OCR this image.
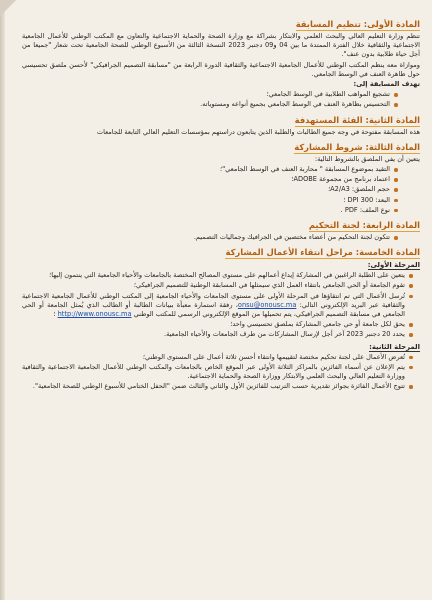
المادة الأولى: تنظيم المسابقة

تنظم وزارة التعليم العالي والبحث العلمي والابتكار بشراكة مع وزارة الصحة والحماية الاجتماعية والتعاون مع المكتب الوطني للأعمال الجامعية الاجتماعية والثقافية خلال الفترة الممتدة ما بين 04 و09 دجنبر 2023 النسخة الثالثة من الأسبوع الوطني للصحة الجامعية تحت شعار "جميعا من أجل حياة طلابية بدون عنف".

وموازاة معه ينظم المكتب الوطني للأعمال الجامعية الاجتماعية والثقافية الدورة الرابعة من "مسابقة التصميم الجرافيكي" لأحسن ملصق تحسيسي حول ظاهرة العنف في الوسط الجامعي.

تهدف المسابقة إلى:

تشجيع المواهب الطلابية في الوسط الجامعي؛
التحسيس بظاهرة العنف في الوسط الجامعي بجميع أنواعه ومستوياته.
المادة الثانية: الفئة المستهدفة

هذه المسابقة مفتوحة في وجه جميع الطالبات والطلبة الذين يتابعون دراستهم بمؤسسات التعليم العالي التابعة للجامعات

المادة الثالثة: شروط المشاركة

يتعين أن يفي الملصق بالشروط التالية:

التقيد بموضوع المسابقة " محاربة العنف في الوسط الجامعي"؛
اعتماد برنامج من مجموعة ADOBE؛
حجم الملصق: A2/A3؛
البعد: 300 DPI ؛
نوع الملف: PDF .
المادة الرابعة: لجنة التحكيم
تتكون لجنة التحكيم من أعضاء مختصين في الجرافيك وجماليات التصميم.
المادة الخامسة: مراحل انتقاء الأعمال المشاركة
المرحلة الأولى:
يتعين على الطلبة الراغبين في المشاركة إيداع أعمالهم على مستوى المصالح المختصة بالجامعات والأحياء الجامعية التي ينتمون إليها؛
تقوم الجامعة أو الحي الجامعي بانتقاء العمل الذي سيمثلها في المسابقة الوطنية للتصميم الجرافيكي؛
تُرسل الأعمال التي تم انتقاؤها في المرحلة الأولى على مستوى الجامعات والأحياء الجامعية إلى المكتب الوطني للأعمال الجامعية الاجتماعية والثقافية عبر البريد الإلكتروني التالي: onsu@onousc.ma، رفقة استمارة معبأة ببيانات الطالبة أو الطالب الذي يُمثل الجامعة أو الحي الجامعي في مسابقة التصميم الجرافيكي، يتم تحميلها من الموقع الإلكتروني الرسمي للمكتب الوطني http://www.onousc.ma ؛
يحق لكل جامعة أو حي جامعي المشاركة بملصق تحسيسي واحد؛
يحدد 20 دجنبر 2023 آخر أجل لإرسال المشاركات من طرف الجامعات والأحياء الجامعية.
المرحلة الثانية:
تُعرض الأعمال على لجنة تحكيم مختصة لتقييمها وانتقاء أحسن ثلاثة أعمال على المستوى الوطني؛
يتم الإعلان عن أسماء الفائزين بالمراكز الثلاثة الأولى عبر الموقع الخاص بالجامعات والمكتب الوطني للأعمال الجامعية الاجتماعية والثقافية ووزارة التعليم العالي والبحث العلمي والابتكار ووزارة الصحة والحماية الاجتماعية.
تتوج الأعمال الفائزة بجوائز تقديرية حسب الترتيب للفائزين الأول والثاني والثالث ضمن "الحفل الختامي للأسبوع الوطني للصحة الجامعية".
